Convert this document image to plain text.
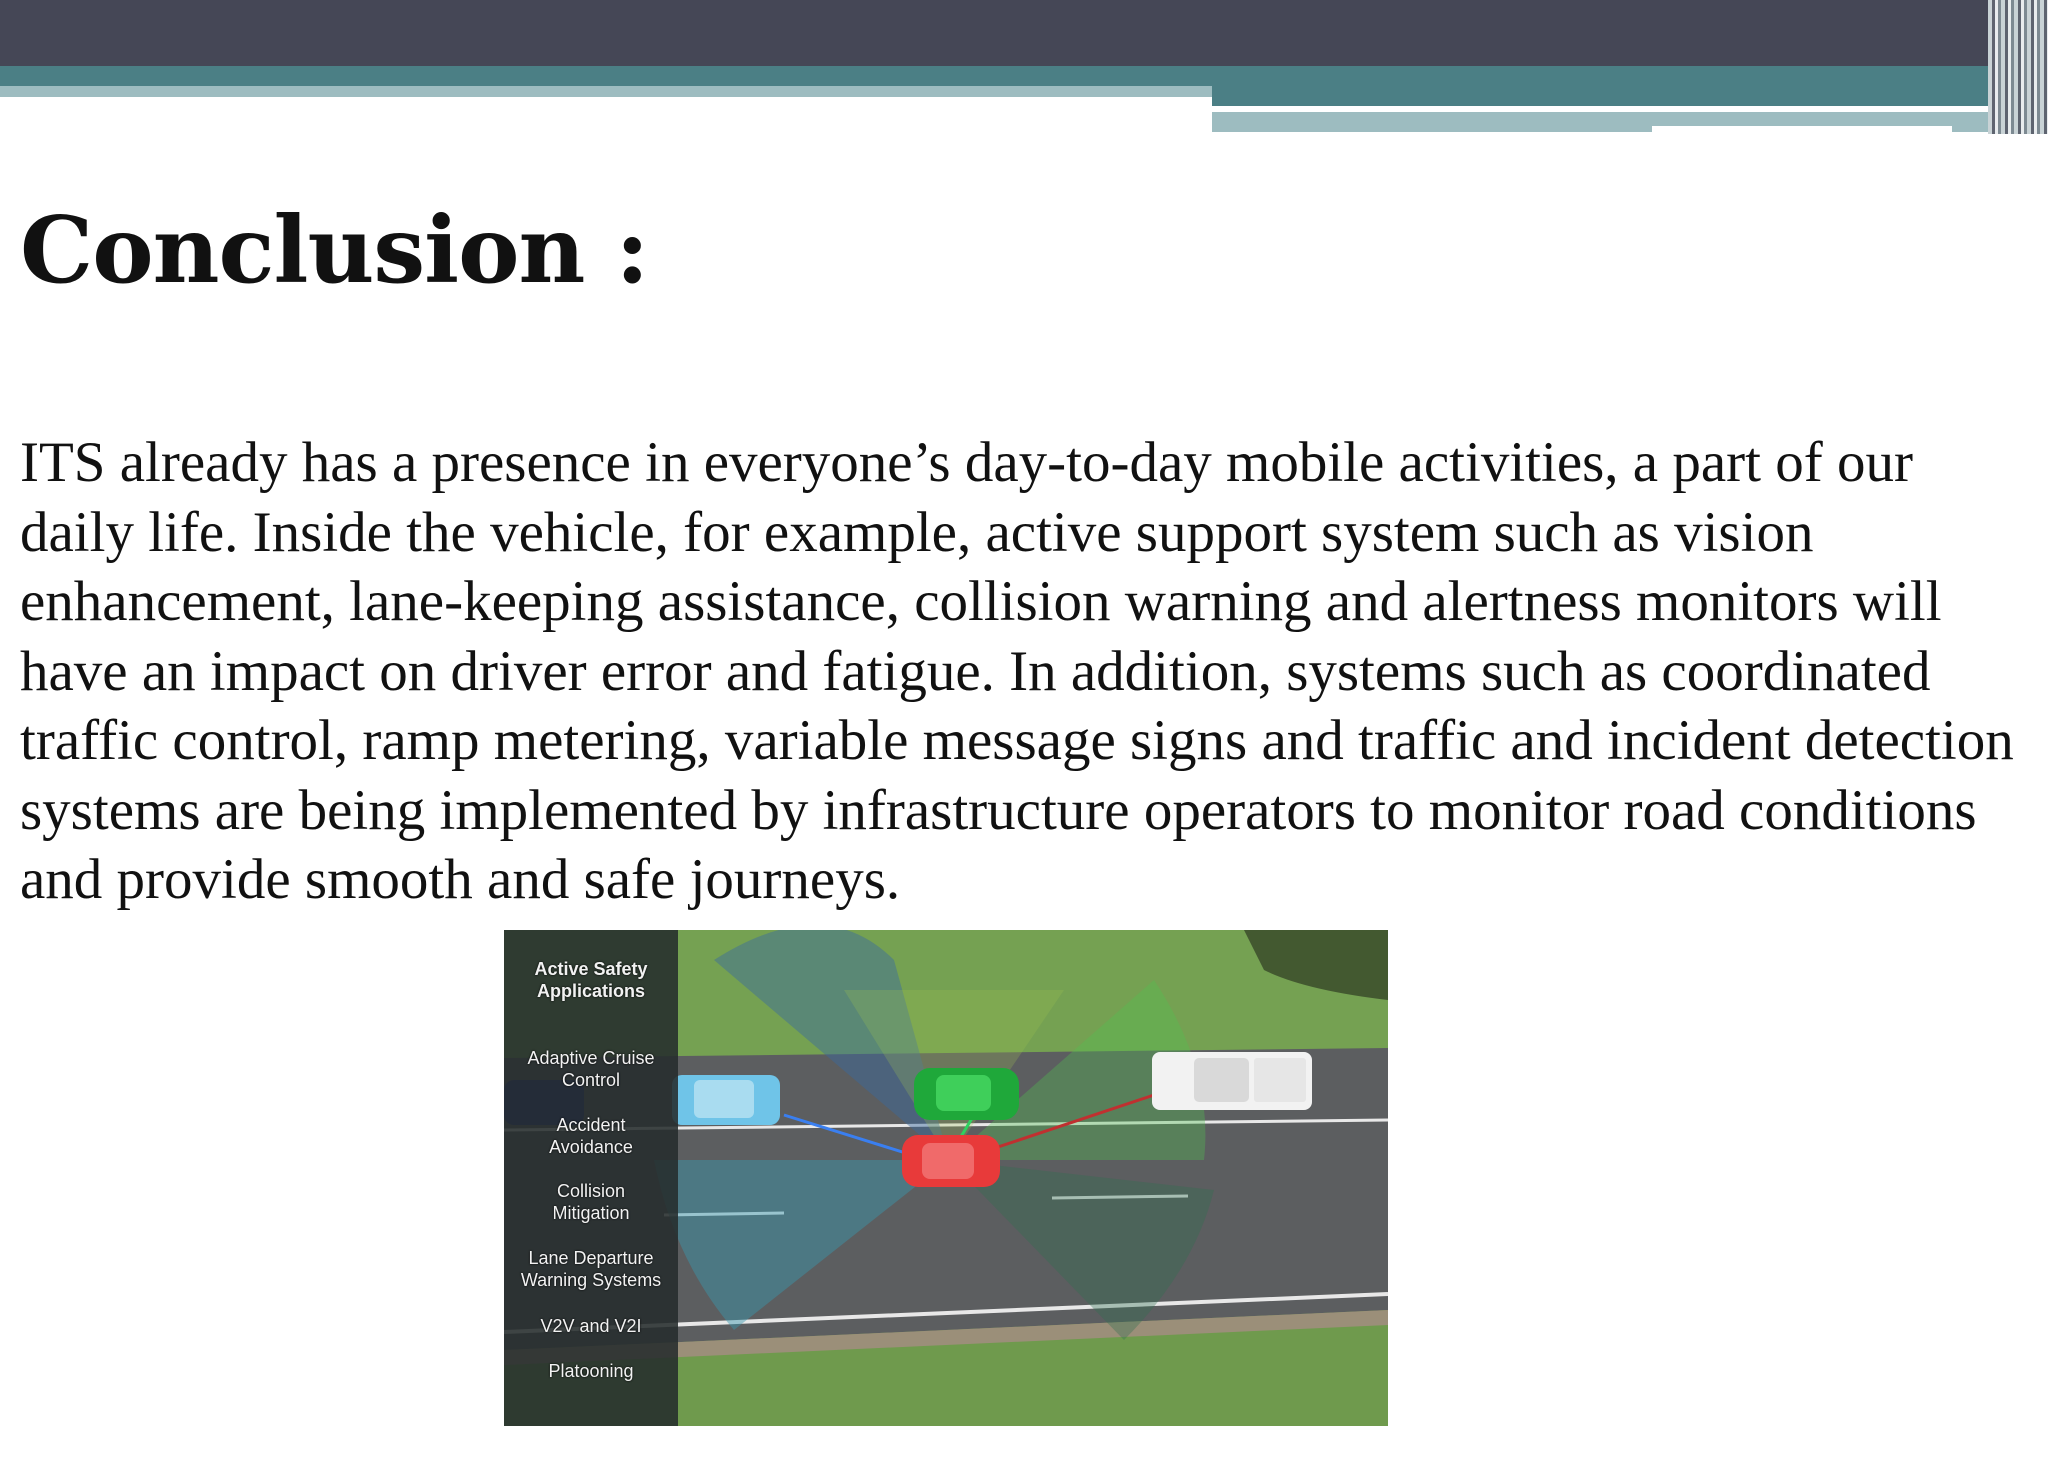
Conclusion :

ITS already has a presence in everyone’s day-to-day mobile activities, a part of our daily life. Inside the vehicle, for example, active support system such as vision enhancement, lane-keeping assistance, collision warning and alertness monitors will have an impact on driver error and fatigue. In addition, systems such as coordinated traffic control, ramp metering, variable message signs and traffic and incident detection systems are being implemented by infrastructure operators to monitor road conditions and provide smooth and safe journeys.

Active Safety
Applications
Adaptive Cruise
Control
Accident
Avoidance
Collision
Mitigation
Lane Departure
Warning Systems
V2V and V2I
Platooning
